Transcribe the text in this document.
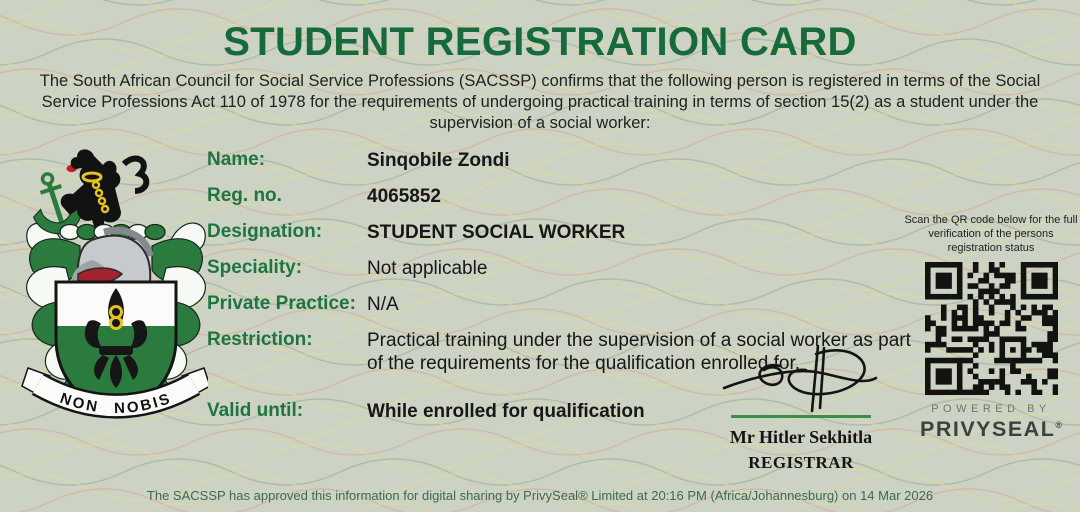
STUDENT REGISTRATION CARD
The South African Council for Social Service Professions (SACSSP) confirms that the following person is registered in terms of the Social Service Professions Act 110 of 1978 for the requirements of undergoing practical training in terms of section 15(2) as a student under the supervision of a social worker:
NON NOBIS
Name:	Sinqobile Zondi
Reg. no.	4065852
Designation:	STUDENT SOCIAL WORKER
Speciality:	Not applicable
Private Practice: N/A
Restriction:	Practical training under the supervision of a social worker as part of the requirements for the qualification enrolled for.
Valid until:	While enrolled for qualification

Scan the QR code below for the full verification of the persons registration status

POWERED BY
PRIVYSEAL®
Mr Hitler Sekhitla
REGISTRAR
The SACSSP has approved this information for digital sharing by PrivySeal® Limited at 20:16 PM (Africa/Johannesburg) on 14 Mar 2026
